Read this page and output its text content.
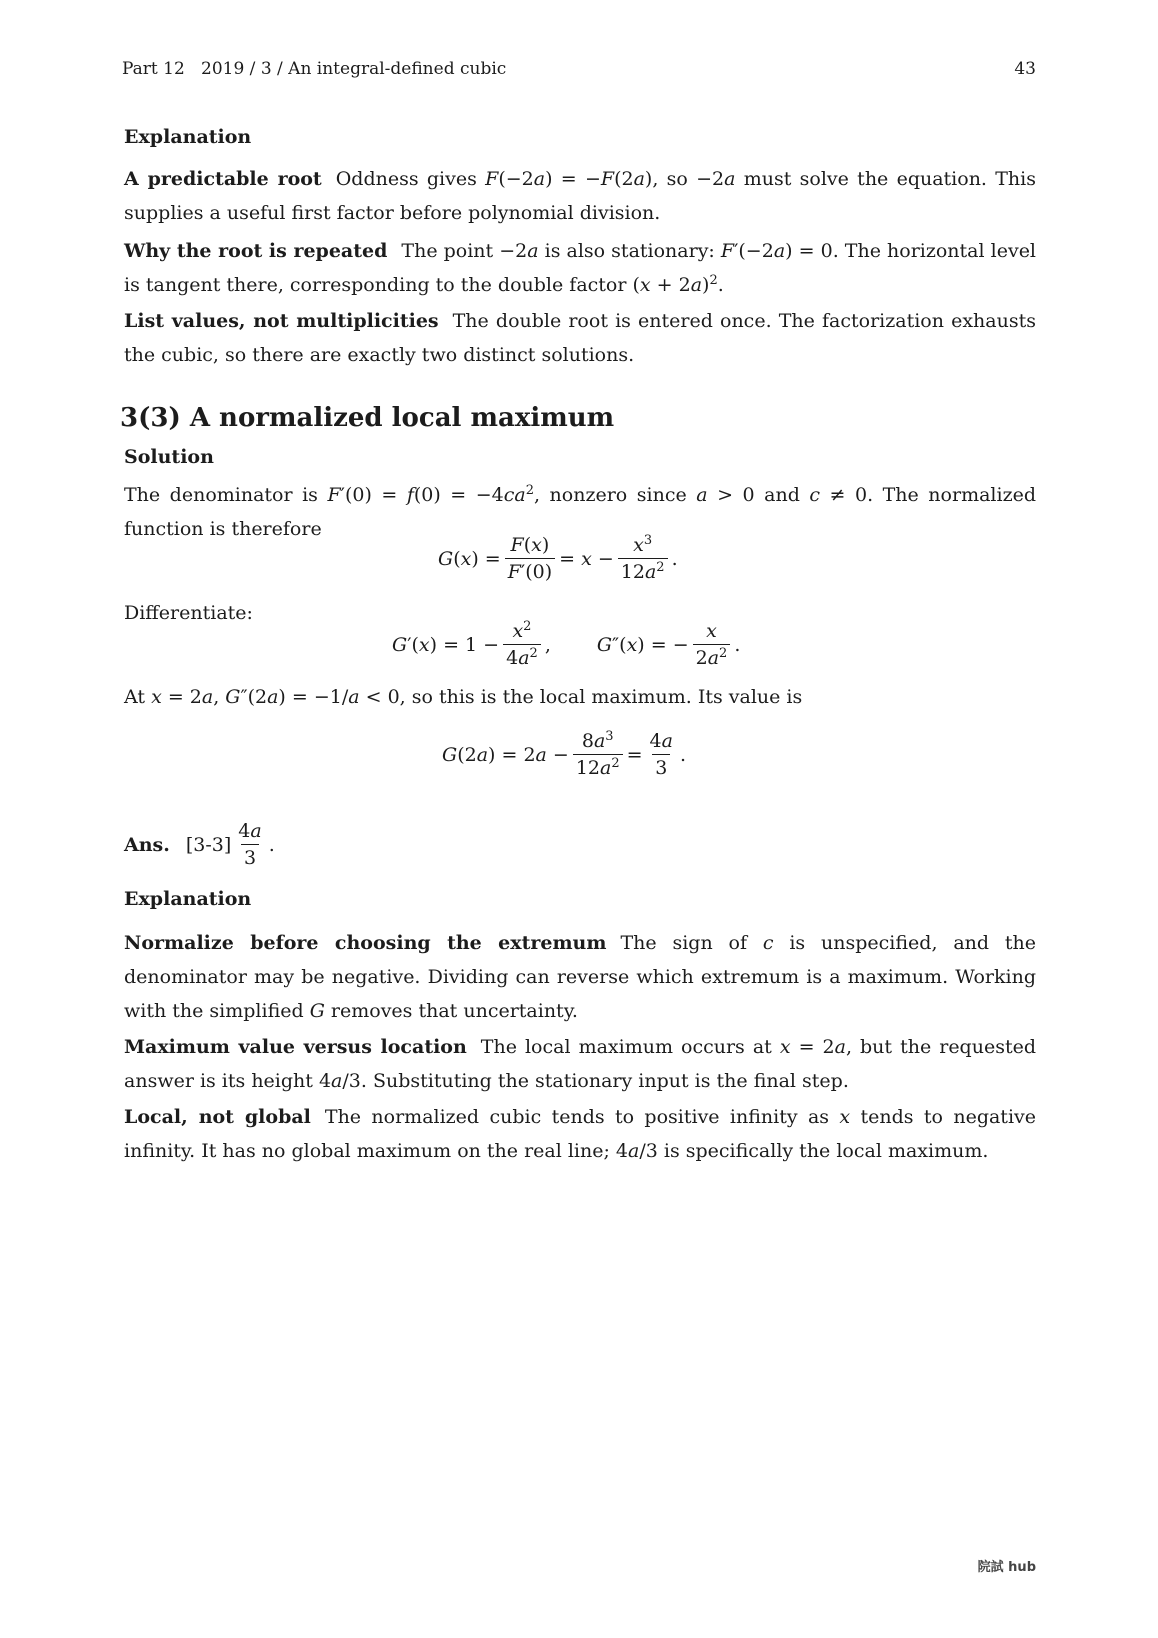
Part 12   2019 / 3 / An integral-defined cubic	43
Explanation
A predictable root Oddness gives F(−2a) = −F(2a), so −2a must solve the equation. This supplies a useful first factor before polynomial division.
Why the root is repeated The point −2a is also stationary: F′(−2a) = 0. The horizontal level is tangent there, corresponding to the double factor $(x + 2a)^2$.
List values, not multiplicities The double root is entered once. The factorization exhausts the cubic, so there are exactly two distinct solutions.
3(3) A normalized local maximum
Solution
The denominator is $F'(0) = f(0) = -4ca^2$, nonzero since a > 0 and c ≠ 0. The normalized function is therefore
$G(x) = \frac{F(x)}{F'(0)} = x - \frac{x^3}{12a^2}$ .
Differentiate:
$G'(x) = 1 - \frac{x^2}{4a^2}$ , G″(x) = − $\frac{x}{2a^2}$ .
At x = 2a, G″(2a) = −1/a < 0, so this is the local maximum. Its value is
$G(2a) = 2a - \frac{8a^3}{12a^2} = \frac{4a}{3}$ .
Ans. $[3-3] \frac{4a}{3}$ .
Explanation
Normalize before choosing the extremum The sign of c is unspecified, and the denominator may be negative. Dividing can reverse which extremum is a maximum. Working with the simplified G removes that uncertainty.
Maximum value versus location The local maximum occurs at x = 2a, but the requested answer is its height 4a/3. Substituting the stationary input is the final step.
Local, not global The normalized cubic tends to positive infinity as x tends to negative infinity. It has no global maximum on the real line; 4a/3 is specifically the local maximum.
院試 hub
